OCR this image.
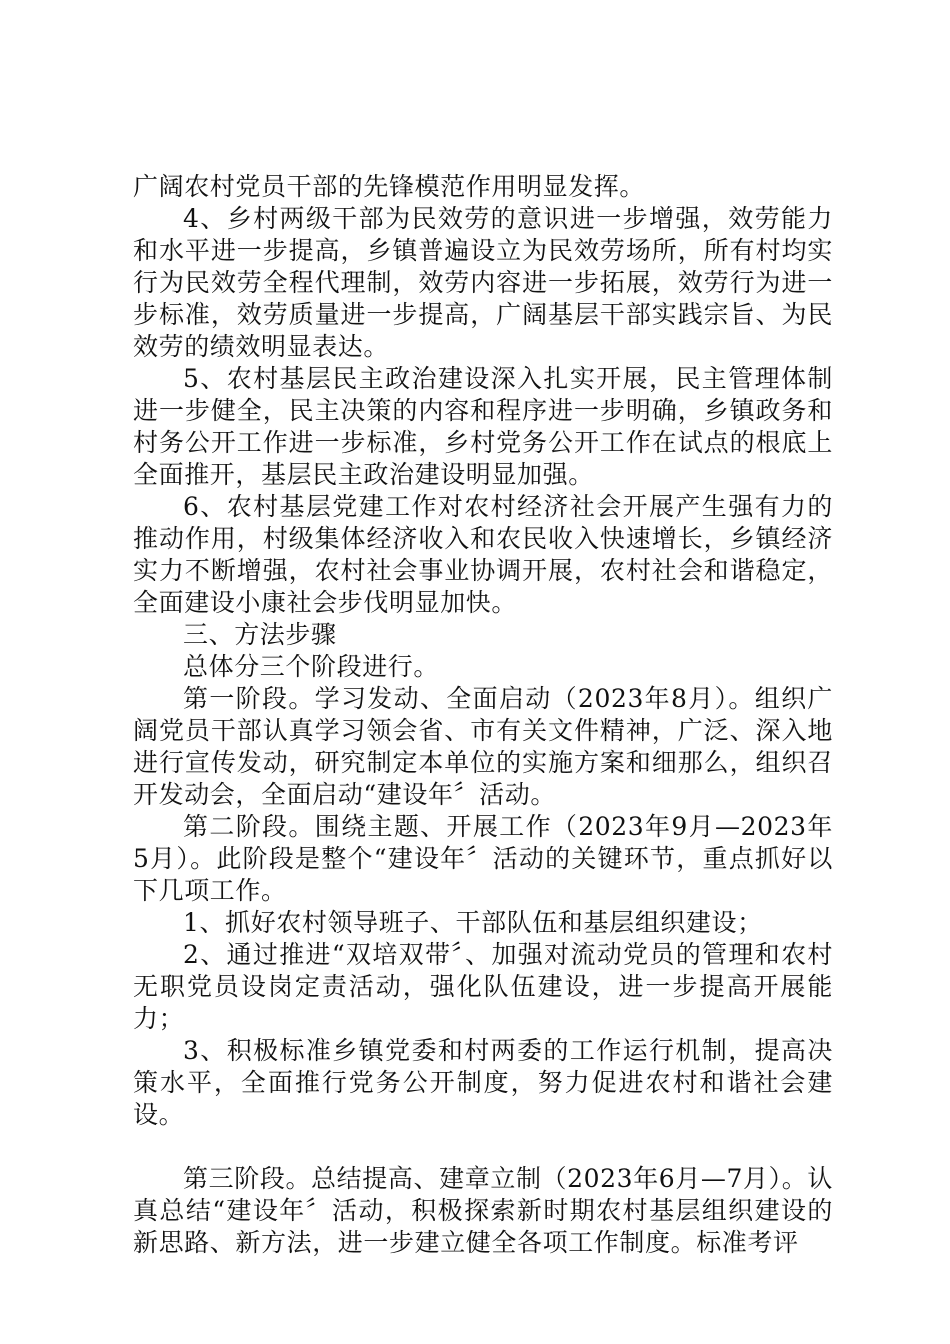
广阔农村党员干部的先锋模范作用明显发挥。

4、乡村两级干部为民效劳的意识进一步增强，效劳能力和水平进一步提高，乡镇普遍设立为民效劳场所，所有村均实行为民效劳全程代理制，效劳内容进一步拓展，效劳行为进一步标准，效劳质量进一步提高，广阔基层干部实践宗旨、为民效劳的绩效明显表达。

5、农村基层民主政治建设深入扎实开展，民主管理体制进一步健全，民主决策的内容和程序进一步明确，乡镇政务和村务公开工作进一步标准，乡村党务公开工作在试点的根底上全面推开，基层民主政治建设明显加强。

6、农村基层党建工作对农村经济社会开展产生强有力的推动作用，村级集体经济收入和农民收入快速增长，乡镇经济实力不断增强，农村社会事业协调开展，农村社会和谐稳定，全面建设小康社会步伐明显加快。

三、方法步骤

总体分三个阶段进行。

第一阶段。学习发动、全面启动（2023年8月）。组织广阔党员干部认真学习领会省、市有关文件精神，广泛、深入地进行宣传发动，研究制定本单位的实施方案和细那么，组织召开发动会，全面启动“建设年〞活动。

第二阶段。围绕主题、开展工作（2023年9月—2023年5月）。此阶段是整个“建设年〞活动的关键环节，重点抓好以下几项工作。

1、抓好农村领导班子、干部队伍和基层组织建设；

2、通过推进“双培双带〞、加强对流动党员的管理和农村无职党员设岗定责活动，强化队伍建设，进一步提高开展能力；

3、积极标准乡镇党委和村两委的工作运行机制，提高决策水平，全面推行党务公开制度，努力促进农村和谐社会建设。

第三阶段。总结提高、建章立制（2023年6月—7月）。认真总结“建设年〞活动，积极探索新时期农村基层组织建设的新思路、新方法，进一步建立健全各项工作制度。标准考评
